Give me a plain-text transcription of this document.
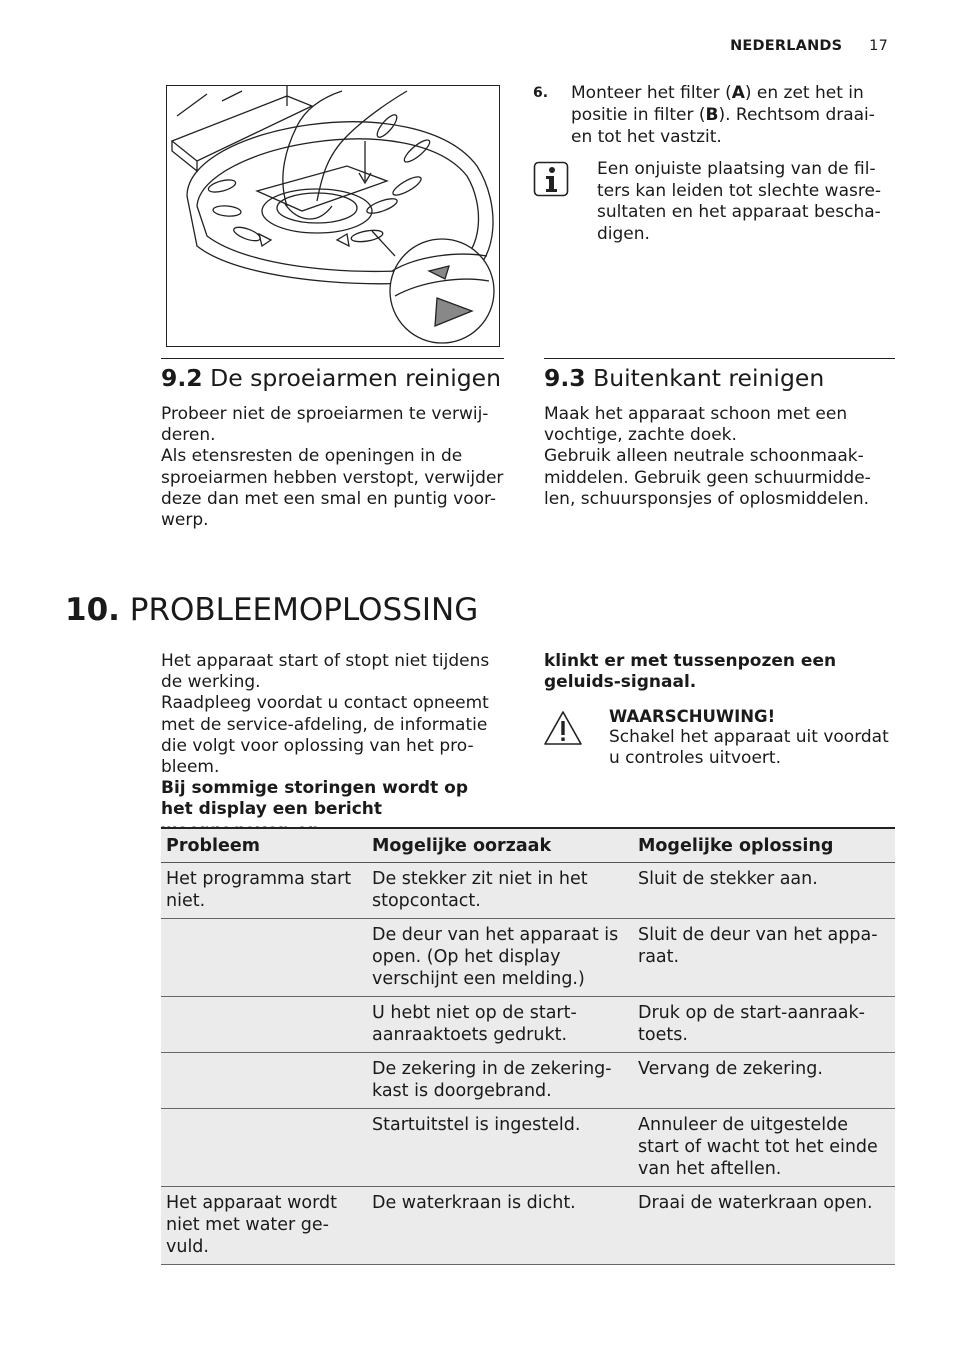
NEDERLANDS 17
6. Monteer het filter (A) en zet het in positie in filter (B). Rechtsom draai-en tot het vastzit.
Een onjuiste plaatsing van de fil-ters kan leiden tot slechte wasre-sultaten en het apparaat bescha-digen.
9.2 De sproeiarmen reinigen
Probeer niet de sproeiarmen te verwij-deren.
Als etensresten de openingen in de sproeiarmen hebben verstopt, verwijder deze dan met een smal en puntig voor-werp.
9.3 Buitenkant reinigen
Maak het apparaat schoon met een vochtige, zachte doek.
Gebruik alleen neutrale schoonmaak-middelen. Gebruik geen schuurmidde-len, schuursponsjes of oplosmiddelen.
10. PROBLEEMOPLOSSING
Het apparaat start of stopt niet tijdens de werking.
Raadpleeg voordat u contact opneemt met de service-afdeling, de informatie die volgt voor oplossing van het pro-bleem.
Bij sommige storingen wordt op het display een bericht weergegeven en
klinkt er met tussenpozen een geluids-signaal.
WAARSCHUWING!
Schakel het apparaat uit voordat u controles uitvoert.
Probleem	Mogelijke oorzaak	Mogelijke oplossing
Het programma start niet.	De stekker zit niet in het stopcontact.	Sluit de stekker aan.
	De deur van het apparaat is open. (Op het display verschijnt een melding.)	Sluit de deur van het appa-raat.
	U hebt niet op de start-aanraaktoets gedrukt.	Druk op de start-aanraak-toets.
	De zekering in de zekering-kast is doorgebrand.	Vervang de zekering.
	Startuitstel is ingesteld.	Annuleer de uitgestelde start of wacht tot het einde van het aftellen.
Het apparaat wordt niet met water ge-vuld.	De waterkraan is dicht.	Draai de waterkraan open.
